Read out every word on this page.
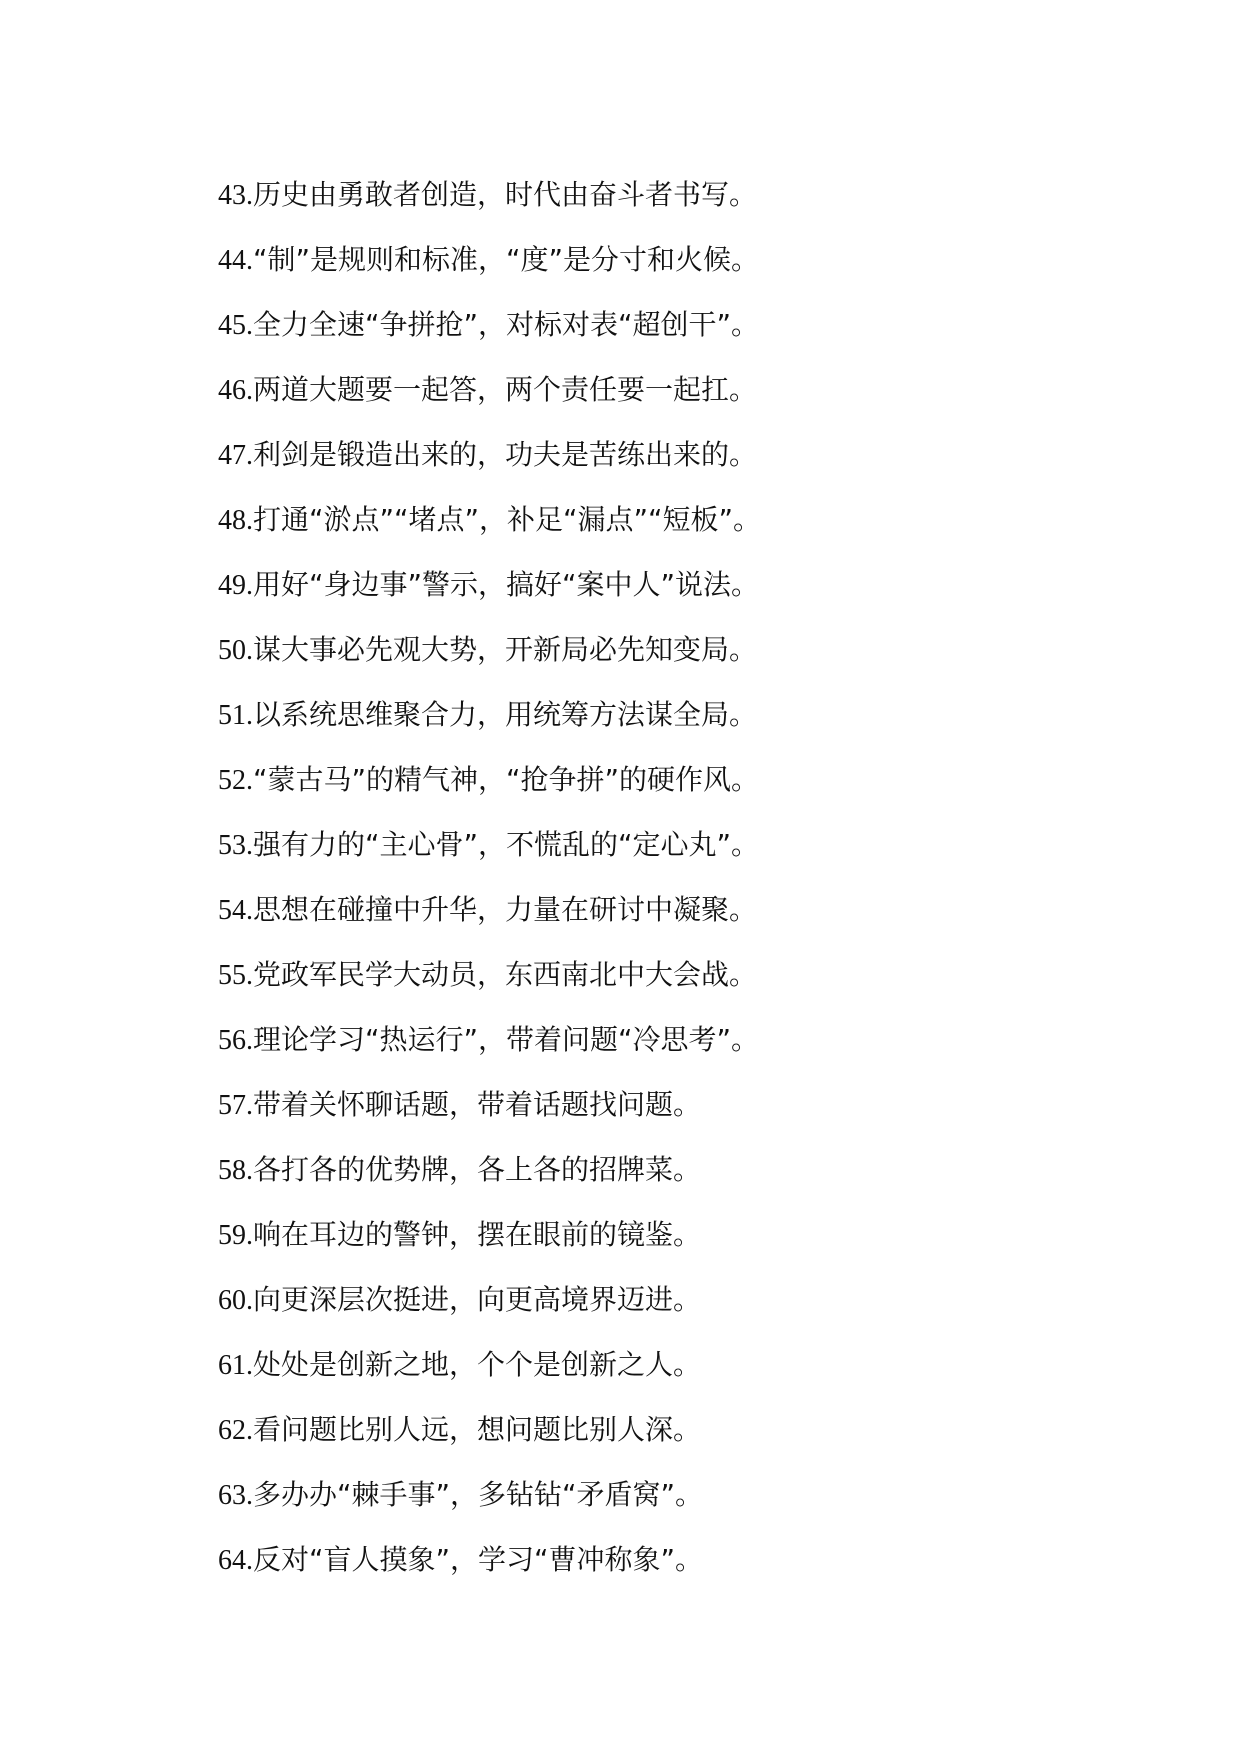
43.历史由勇敢者创造，时代由奋斗者书写。
44.“制”是规则和标准，“度”是分寸和火候。
45.全力全速“争拼抢”，对标对表“超创干”。
46.两道大题要一起答，两个责任要一起扛。
47.利剑是锻造出来的，功夫是苦练出来的。
48.打通“淤点”“堵点”，补足“漏点”“短板”。
49.用好“身边事”警示，搞好“案中人”说法。
50.谋大事必先观大势，开新局必先知变局。
51.以系统思维聚合力，用统筹方法谋全局。
52.“蒙古马”的精气神，“抢争拼”的硬作风。
53.强有力的“主心骨”，不慌乱的“定心丸”。
54.思想在碰撞中升华，力量在研讨中凝聚。
55.党政军民学大动员，东西南北中大会战。
56.理论学习“热运行”，带着问题“冷思考”。
57.带着关怀聊话题，带着话题找问题。
58.各打各的优势牌，各上各的招牌菜。
59.响在耳边的警钟，摆在眼前的镜鉴。
60.向更深层次挺进，向更高境界迈进。
61.处处是创新之地，个个是创新之人。
62.看问题比别人远，想问题比别人深。
63.多办办“棘手事”，多钻钻“矛盾窝”。
64.反对“盲人摸象”，学习“曹冲称象”。
